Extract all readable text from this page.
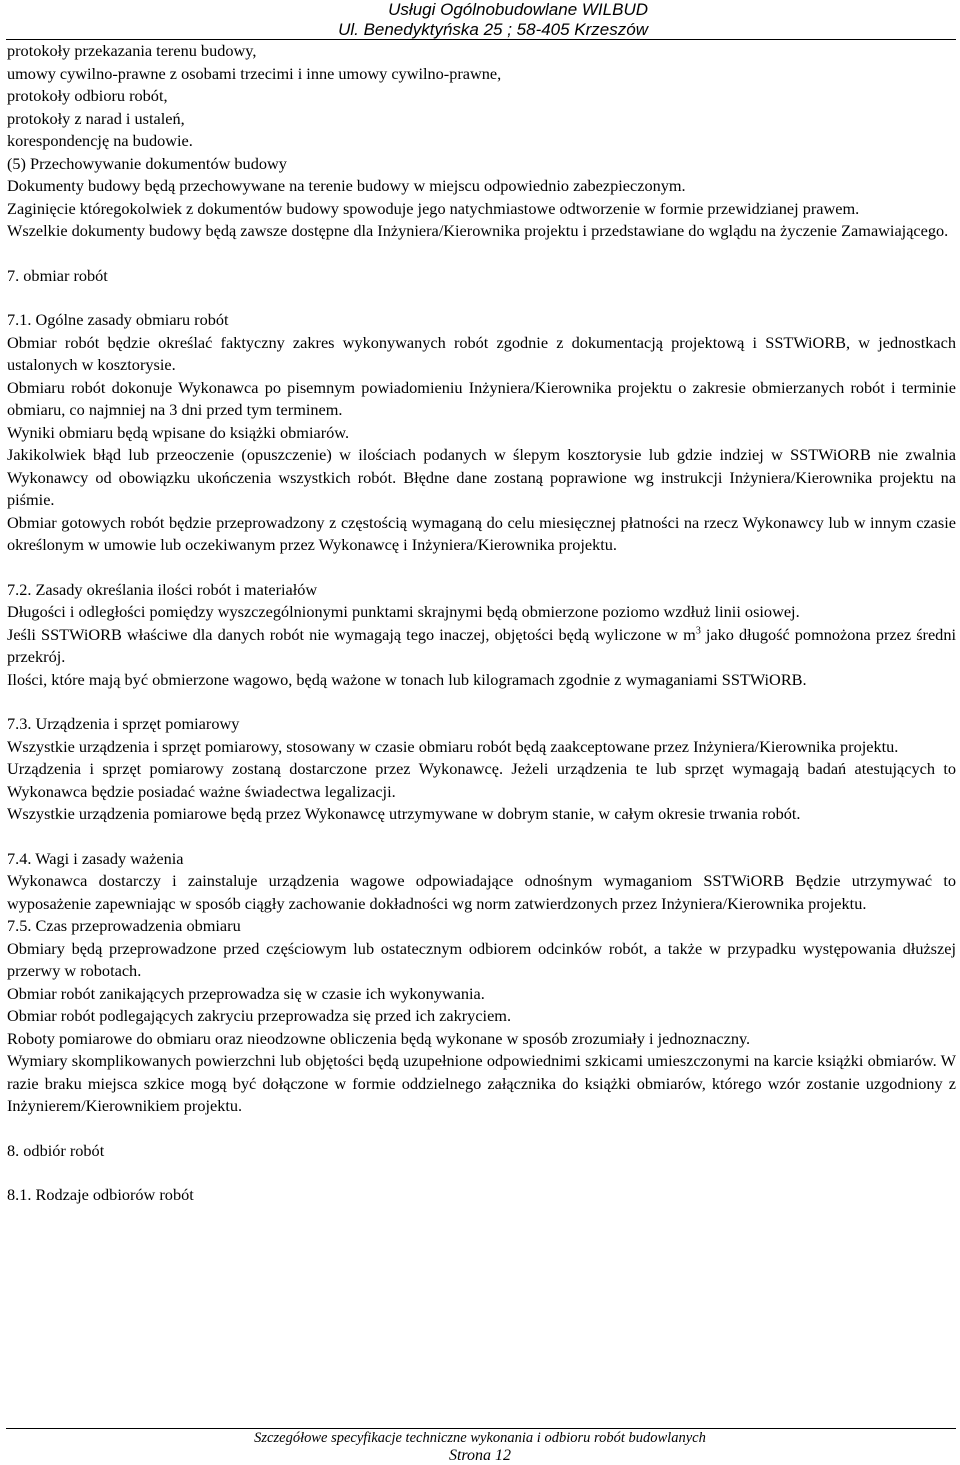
Usługi Ogólnobudowlane WILBUD
Ul. Benedyktyńska 25 ; 58-405 Krzeszów

protokoły przekazania terenu budowy,

umowy cywilno-prawne z osobami trzecimi i inne umowy cywilno-prawne,

protokoły odbioru robót,

protokoły z narad i ustaleń,

korespondencję na budowie.

(5) Przechowywanie dokumentów budowy

Dokumenty budowy będą przechowywane na terenie budowy w miejscu odpowiednio zabezpieczonym.

Zaginięcie któregokolwiek z dokumentów budowy spowoduje jego natychmiastowe odtworzenie w formie przewidzianej prawem.

Wszelkie dokumenty budowy będą zawsze dostępne dla Inżyniera/Kierownika projektu i przedstawiane do wglądu na życzenie Zamawiającego.

7. obmiar robót

7.1. Ogólne zasady obmiaru robót

Obmiar robót będzie określać faktyczny zakres wykonywanych robót zgodnie z dokumentacją projektową i SSTWiORB, w jednostkach ustalonych w kosztorysie.

Obmiaru robót dokonuje Wykonawca po pisemnym powiadomieniu Inżyniera/Kierownika projektu o zakresie obmierzanych robót i terminie obmiaru, co najmniej na 3 dni przed tym terminem.

Wyniki obmiaru będą wpisane do książki obmiarów.

Jakikolwiek błąd lub przeoczenie (opuszczenie) w ilościach podanych w ślepym kosztorysie lub gdzie indziej w SSTWiORB nie zwalnia Wykonawcy od obowiązku ukończenia wszystkich robót. Błędne dane zostaną poprawione wg instrukcji Inżyniera/Kierownika projektu na piśmie.

Obmiar gotowych robót będzie przeprowadzony z częstością wymaganą do celu miesięcznej płatności na rzecz Wykonawcy lub w innym czasie określonym w umowie lub oczekiwanym przez Wykonawcę i Inżyniera/Kierownika projektu.

7.2. Zasady określania ilości robót i materiałów

Długości i odległości pomiędzy wyszczególnionymi punktami skrajnymi będą obmierzone poziomo wzdłuż linii osiowej.

Jeśli SSTWiORB właściwe dla danych robót nie wymagają tego inaczej, objętości będą wyliczone w $m^3$ jako długość pomnożona przez średni przekrój.

Ilości, które mają być obmierzone wagowo, będą ważone w tonach lub kilogramach zgodnie z wymaganiami SSTWiORB.

7.3. Urządzenia i sprzęt pomiarowy

Wszystkie urządzenia i sprzęt pomiarowy, stosowany w czasie obmiaru robót będą zaakceptowane przez Inżyniera/Kierownika projektu.

Urządzenia i sprzęt pomiarowy zostaną dostarczone przez Wykonawcę. Jeżeli urządzenia te lub sprzęt wymagają badań atestujących to Wykonawca będzie posiadać ważne świadectwa legalizacji.

Wszystkie urządzenia pomiarowe będą przez Wykonawcę utrzymywane w dobrym stanie, w całym okresie trwania robót.

7.4. Wagi i zasady ważenia

Wykonawca dostarczy i zainstaluje urządzenia wagowe odpowiadające odnośnym wymaganiom SSTWiORB Będzie utrzymywać to wyposażenie zapewniając w sposób ciągły zachowanie dokładności wg norm zatwierdzonych przez Inżyniera/Kierownika projektu.

7.5. Czas przeprowadzenia obmiaru

Obmiary będą przeprowadzone przed częściowym lub ostatecznym odbiorem odcinków robót, a także w przypadku występowania dłuższej przerwy w robotach.

Obmiar robót zanikających przeprowadza się w czasie ich wykonywania.

Obmiar robót podlegających zakryciu przeprowadza się przed ich zakryciem.

Roboty pomiarowe do obmiaru oraz nieodzowne obliczenia będą wykonane w sposób zrozumiały i jednoznaczny.

Wymiary skomplikowanych powierzchni lub objętości będą uzupełnione odpowiednimi szkicami umieszczonymi na karcie książki obmiarów. W razie braku miejsca szkice mogą być dołączone w formie oddzielnego załącznika do książki obmiarów, którego wzór zostanie uzgodniony z Inżynierem/Kierownikiem projektu.

8. odbiór robót

8.1. Rodzaje odbiorów robót

Szczegółowe specyfikacje techniczne wykonania i odbioru robót budowlanych
Strona 12
